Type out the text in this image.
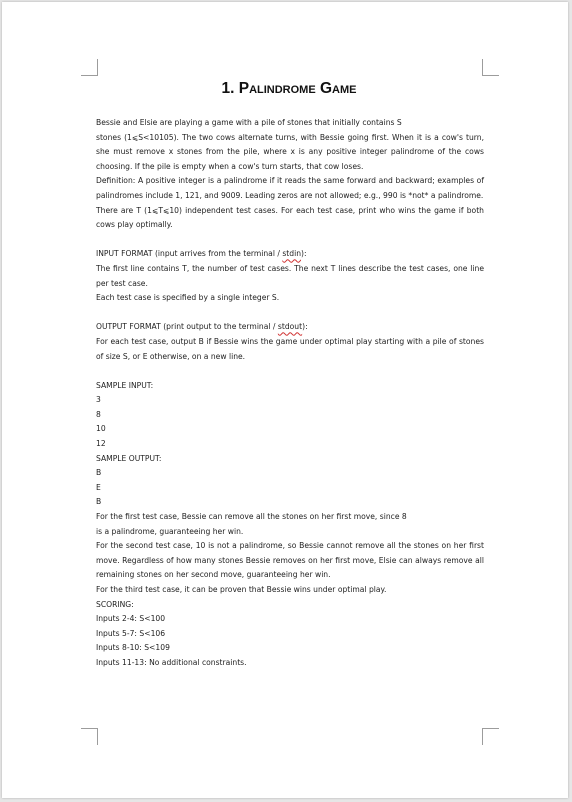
1. Palindrome Game

Bessie and Elsie are playing a game with a pile of stones that initially contains S

stones (1⩽S<10105). The two cows alternate turns, with Bessie going first. When it is a cow's turn, she must remove x stones from the pile, where x is any positive integer palindrome of the cows choosing. If the pile is empty when a cow's turn starts, that cow loses.

Definition: A positive integer is a palindrome if it reads the same forward and backward; examples of palindromes include 1, 121, and 9009. Leading zeros are not allowed; e.g., 990 is *not* a palindrome.

There are T (1⩽T⩽10) independent test cases. For each test case, print who wins the game if both cows play optimally.

INPUT FORMAT (input arrives from the terminal / stdin):

The first line contains T, the number of test cases. The next T lines describe the test cases, one line per test case.

Each test case is specified by a single integer S.

OUTPUT FORMAT (print output to the terminal / stdout):

For each test case, output B if Bessie wins the game under optimal play starting with a pile of stones of size S, or E otherwise, on a new line.

SAMPLE INPUT:

3

8

10

12

SAMPLE OUTPUT:

B

E

B

For the first test case, Bessie can remove all the stones on her first move, since 8

is a palindrome, guaranteeing her win.

For the second test case, 10 is not a palindrome, so Bessie cannot remove all the stones on her first move. Regardless of how many stones Bessie removes on her first move, Elsie can always remove all remaining stones on her second move, guaranteeing her win.

For the third test case, it can be proven that Bessie wins under optimal play.

SCORING:

Inputs 2-4: S<100

Inputs 5-7: S<106

Inputs 8-10: S<109

Inputs 11-13: No additional constraints.
